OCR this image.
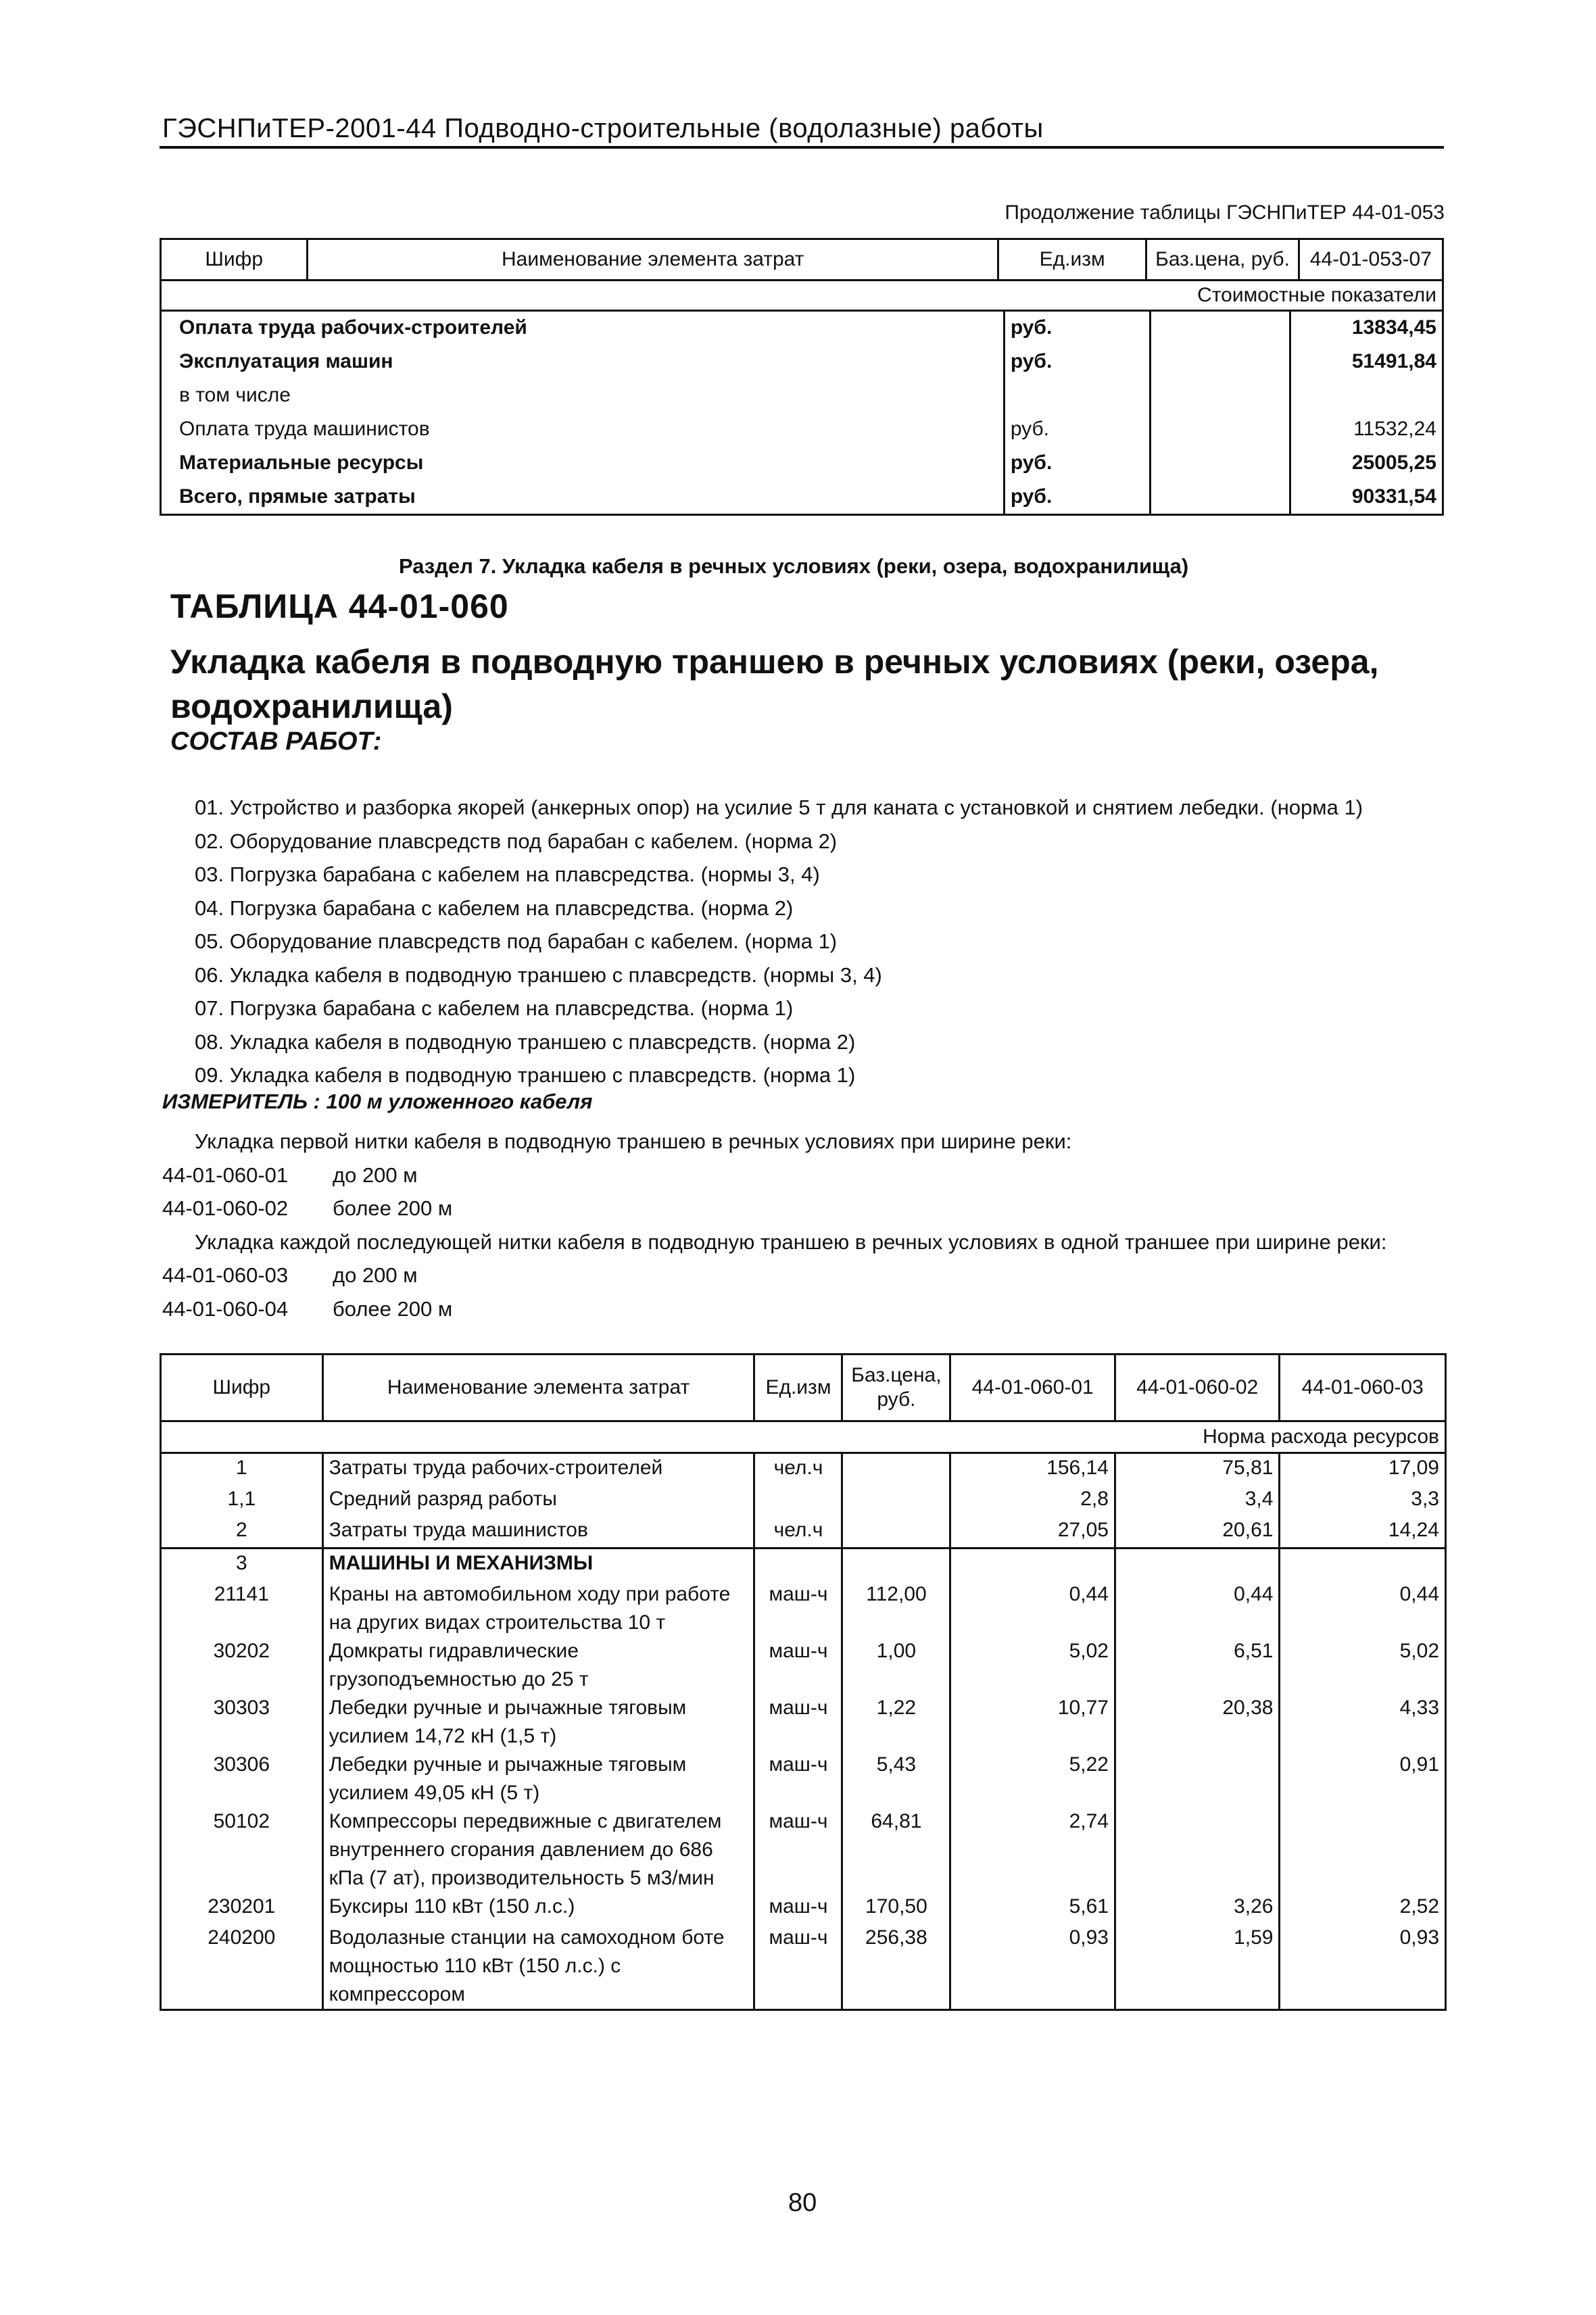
ГЭСНПиТЕР-2001-44 Подводно-строительные (водолазные) работы
Продолжение таблицы ГЭСНПиТЕР 44-01-053
Шифр	Наименование элемента затрат	Ед.изм	Баз.цена, руб.	44-01-053-07
Стоимостные показатели
Оплата труда рабочих-строителей	руб.		13834,45
Эксплуатация машин	руб.		51491,84
в том числе			
Оплата труда машинистов	руб.		11532,24
Материальные ресурсы	руб.		25005,25
Всего, прямые затраты	руб.		90331,54
Раздел 7. Укладка кабеля в речных условиях (реки, озера, водохранилища)
ТАБЛИЦА 44-01-060
Укладка кабеля в подводную траншею в речных условиях (реки, озера, водохранилища)
СОСТАВ РАБОТ:
01. Устройство и разборка якорей (анкерных опор) на усилие 5 т для каната с установкой и снятием лебедки. (норма 1)
02. Оборудование плавсредств под барабан с кабелем. (норма 2)
03. Погрузка барабана с кабелем на плавсредства. (нормы 3, 4)
04. Погрузка барабана с кабелем на плавсредства. (норма 2)
05. Оборудование плавсредств под барабан с кабелем. (норма 1)
06. Укладка кабеля в подводную траншею с плавсредств. (нормы 3, 4)
07. Погрузка барабана с кабелем на плавсредства. (норма 1)
08. Укладка кабеля в подводную траншею с плавсредств. (норма 2)
09. Укладка кабеля в подводную траншею с плавсредств. (норма 1)
ИЗМЕРИТЕЛЬ : 100 м уложенного кабеля
Укладка первой нитки кабеля в подводную траншею в речных условиях при ширине реки:
44-01-060-01 до 200 м
44-01-060-02 более 200 м
Укладка каждой последующей нитки кабеля в подводную траншею в речных условиях в одной траншее при ширине реки:
44-01-060-03 до 200 м
44-01-060-04 более 200 м
Шифр	Наименование элемента затрат	Ед.изм	Баз.цена, руб.	44-01-060-01	44-01-060-02	44-01-060-03
Норма расхода ресурсов						
1	Затраты труда рабочих-строителей	чел.ч		156,14	75,81	17,09
1,1	Средний разряд работы			2,8	3,4	3,3
2	Затраты труда машинистов	чел.ч		27,05	20,61	14,24
3	МАШИНЫ И МЕХАНИЗМЫ					
21141	Краны на автомобильном ходу при работе на других видах строительства 10 т	маш-ч	112,00	0,44	0,44	0,44
30202	Домкраты гидравлические грузоподъемностью до 25 т	маш-ч	1,00	5,02	6,51	5,02
30303	Лебедки ручные и рычажные тяговым усилием 14,72 кН (1,5 т)	маш-ч	1,22	10,77	20,38	4,33
30306	Лебедки ручные и рычажные тяговым усилием 49,05 кН (5 т)	маш-ч	5,43	5,22		0,91
50102	Компрессоры передвижные с двигателем внутреннего сгорания давлением до 686 кПа (7 ат), производительность 5 м3/мин	маш-ч	64,81	2,74		
230201	Буксиры 110 кВт (150 л.с.)	маш-ч	170,50	5,61	3,26	2,52
240200	Водолазные станции на самоходном боте мощностью 110 кВт (150 л.с.) с компрессором	маш-ч	256,38	0,93	1,59	0,93
80
